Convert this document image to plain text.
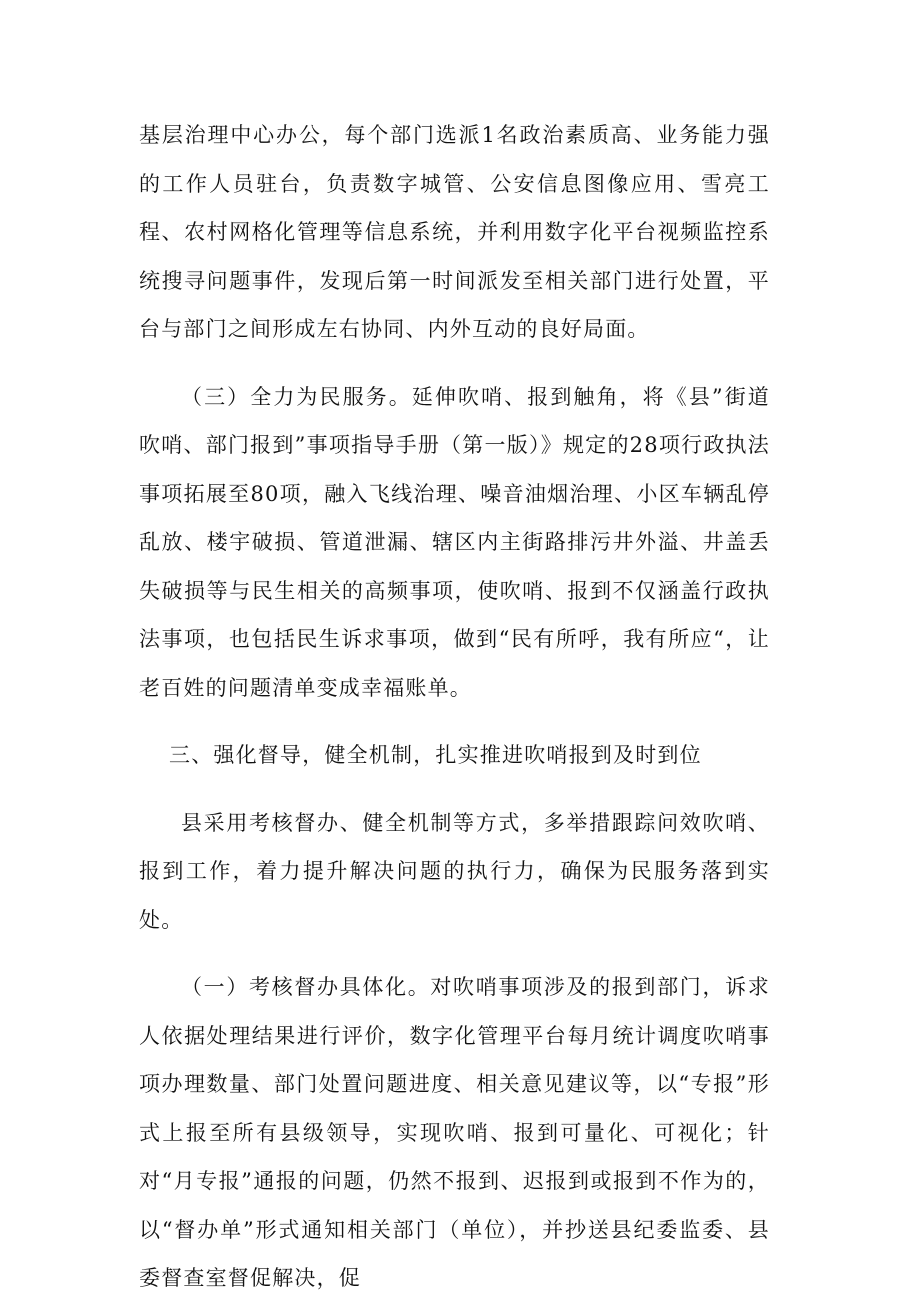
基层治理中心办公，每个部门选派1名政治素质高、业务能力强的工作人员驻台，负责数字城管、公安信息图像应用、雪亮工程、农村网格化管理等信息系统，并利用数字化平台视频监控系统搜寻问题事件，发现后第一时间派发至相关部门进行处置，平台与部门之间形成左右协同、内外互动的良好局面。

（三）全力为民服务。延伸吹哨、报到触角，将《县”街道吹哨、部门报到”事项指导手册（第一版）》规定的28项行政执法事项拓展至80项，融入飞线治理、噪音油烟治理、小区车辆乱停乱放、楼宇破损、管道泄漏、辖区内主街路排污井外溢、井盖丢失破损等与民生相关的高频事项，使吹哨、报到不仅涵盖行政执法事项，也包括民生诉求事项，做到“民有所呼，我有所应“，让老百姓的问题清单变成幸福账单。

三、强化督导，健全机制，扎实推进吹哨报到及时到位

县采用考核督办、健全机制等方式，多举措跟踪问效吹哨、报到工作，着力提升解决问题的执行力，确保为民服务落到实处。

（一）考核督办具体化。对吹哨事项涉及的报到部门，诉求人依据处理结果进行评价，数字化管理平台每月统计调度吹哨事项办理数量、部门处置问题进度、相关意见建议等，以“专报”形式上报至所有县级领导，实现吹哨、报到可量化、可视化；针对“月专报”通报的问题，仍然不报到、迟报到或报到不作为的，以“督办单”形式通知相关部门（单位），并抄送县纪委监委、县委督查室督促解决，促
